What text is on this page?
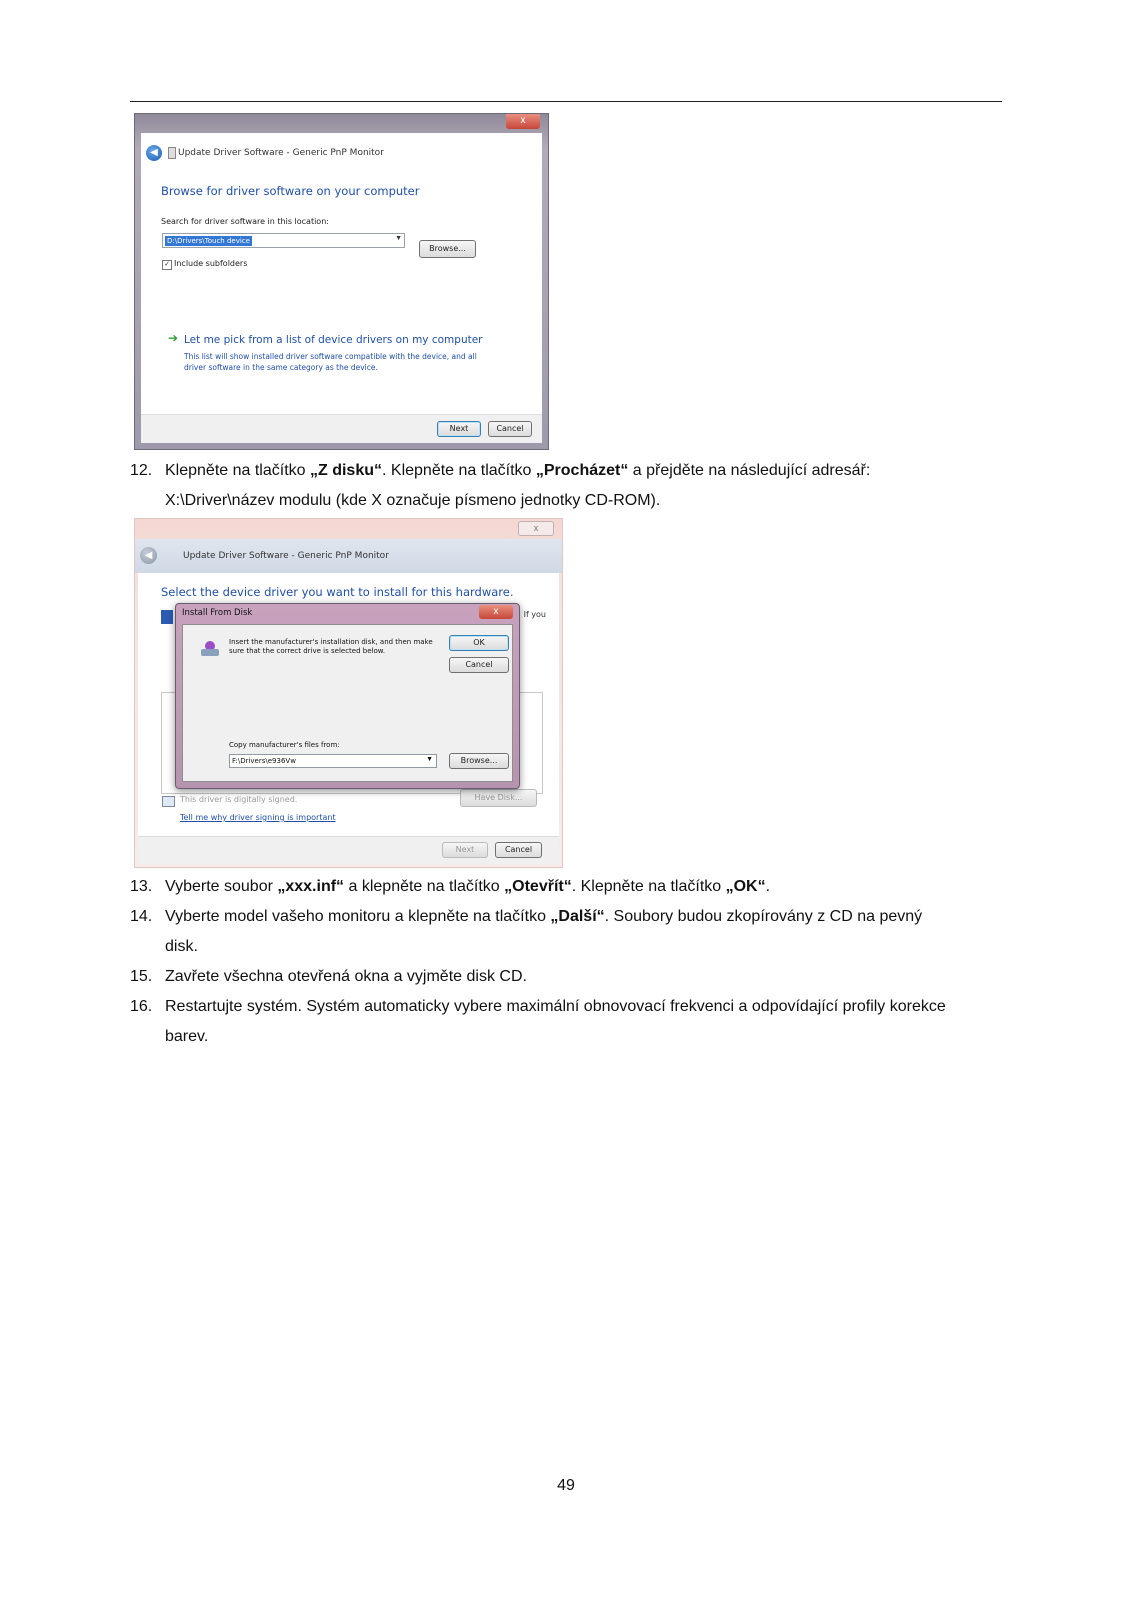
x
◀	Update Driver Software - Generic PnP Monitor
Browse for driver software on your computer
Search for driver software in this location:
D:\Drivers\Touch device	▼
Browse...
✓ Include subfolders
➔ Let me pick from a list of device drivers on my computer
This list will show installed driver software compatible with the device, and all driver software in the same category as the device.
Next	Cancel
12. Klepněte na tlačítko „Z disku“. Klepněte na tlačítko „Procházet“ a přejděte na následující adresář:
X:\Driver\název modulu (kde X označuje písmeno jednotky CD-ROM).
x
◀	Update Driver Software - Generic PnP Monitor
Select the device driver you want to install for this hardware.
If you
This driver is digitally signed.	Have Disk...
Tell me why driver signing is important
Next	Cancel
Install From Disk	x
Insert the manufacturer's installation disk, and then make sure that the correct drive is selected below.
OK
Cancel
Copy manufacturer's files from:
F:\Drivers\e936Vw	▼	Browse...
13. Vyberte soubor „xxx.inf“ a klepněte na tlačítko „Otevřít“. Klepněte na tlačítko „OK“.
14. Vyberte model vašeho monitoru a klepněte na tlačítko „Další“. Soubory budou zkopírovány z CD na pevný
disk.
15. Zavřete všechna otevřená okna a vyjměte disk CD.
16. Restartujte systém. Systém automaticky vybere maximální obnovovací frekvenci a odpovídající profily korekce
barev.
49
